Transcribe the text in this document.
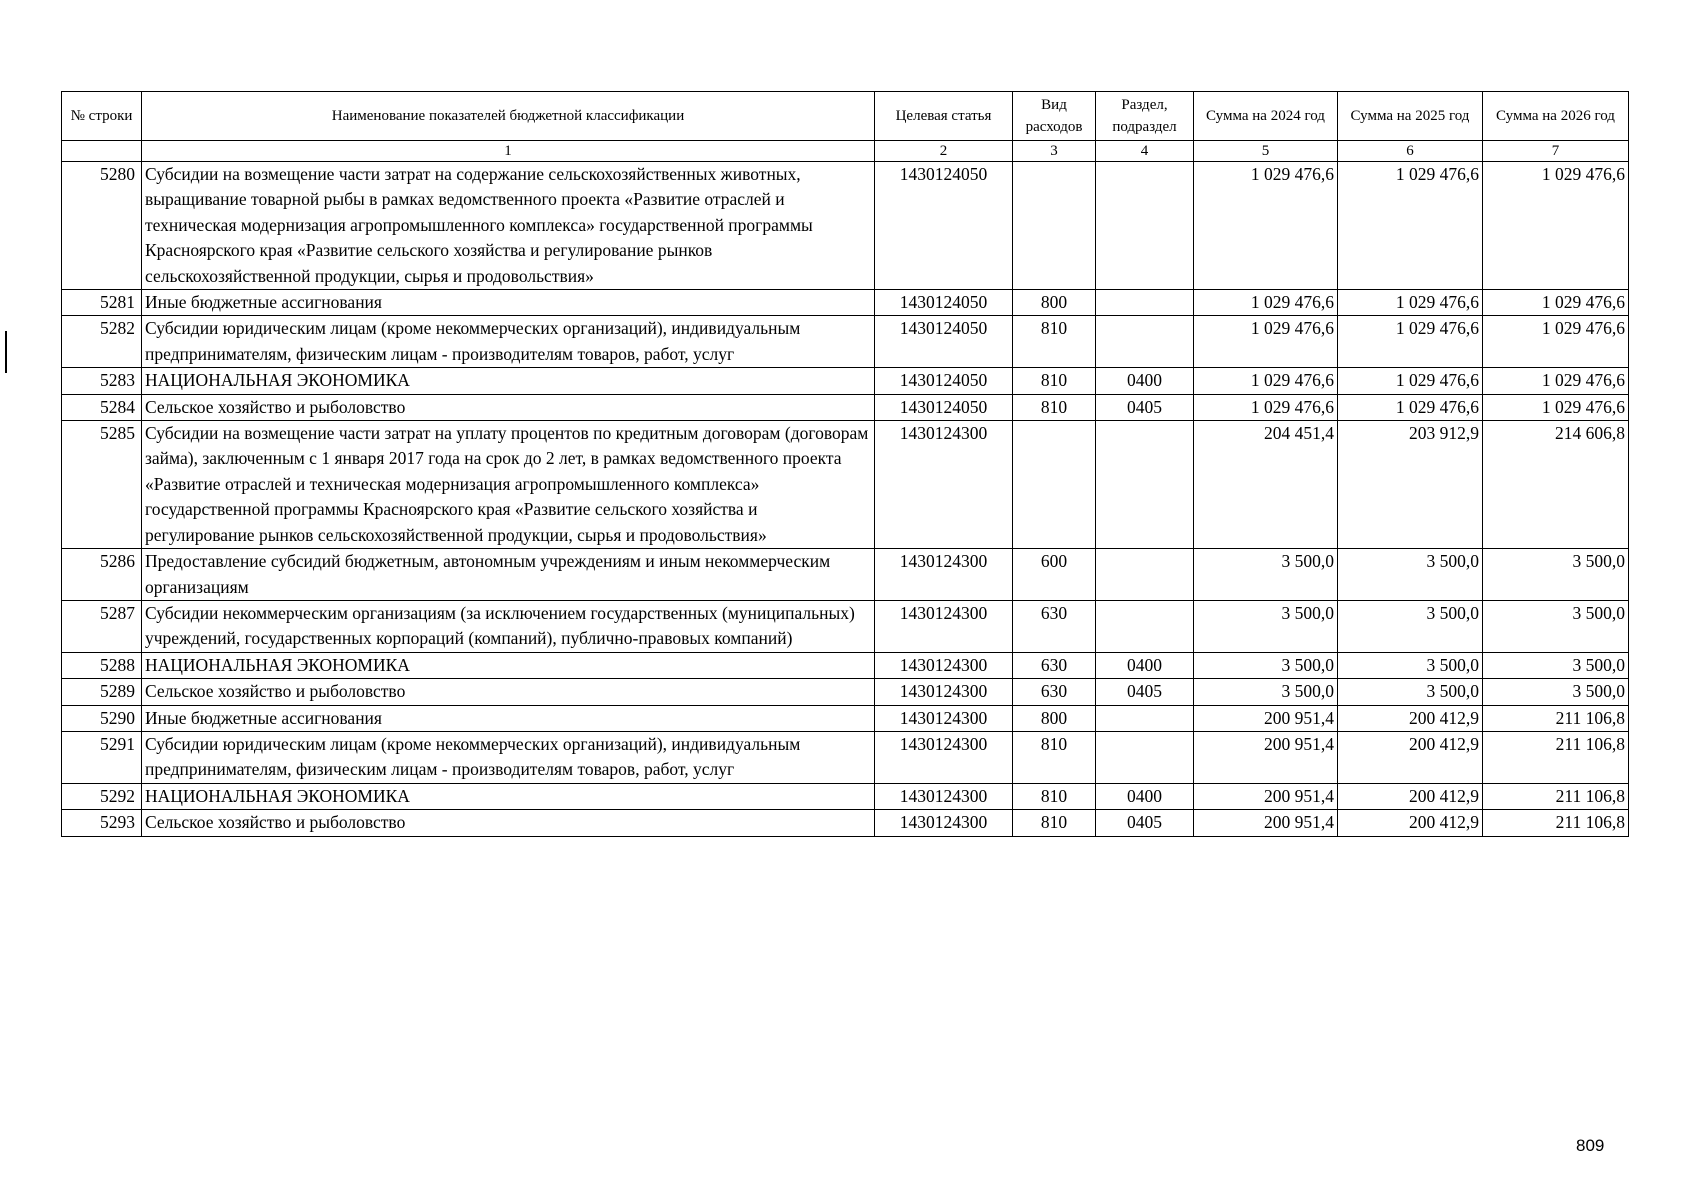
№ строки	Наименование показателей бюджетной классификации	Целевая статья	Вид расходов	Раздел, подраздел	Сумма на 2024 год	Сумма на 2025 год	Сумма на 2026 год
	1	2	3	4	5	6	7
5280	Субсидии на возмещение части затрат на содержание сельскохозяйственных животных, выращивание товарной рыбы в рамках ведомственного проекта «Развитие отраслей и техническая модернизация агропромышленного комплекса» государственной программы Красноярского края «Развитие сельского хозяйства и регулирование рынков сельскохозяйственной продукции, сырья и продовольствия»	1430124050			1 029 476,6	1 029 476,6	1 029 476,6
5281	Иные бюджетные ассигнования	1430124050	800		1 029 476,6	1 029 476,6	1 029 476,6
5282	Субсидии юридическим лицам (кроме некоммерческих организаций), индивидуальным предпринимателям, физическим лицам - производителям товаров, работ, услуг	1430124050	810		1 029 476,6	1 029 476,6	1 029 476,6
5283	НАЦИОНАЛЬНАЯ ЭКОНОМИКА	1430124050	810	0400	1 029 476,6	1 029 476,6	1 029 476,6
5284	Сельское хозяйство и рыболовство	1430124050	810	0405	1 029 476,6	1 029 476,6	1 029 476,6
5285	Субсидии на возмещение части затрат на уплату процентов по кредитным договорам (договорам займа), заключенным с 1 января 2017 года на срок до 2 лет, в рамках ведомственного проекта «Развитие отраслей и техническая модернизация агропромышленного комплекса» государственной программы Красноярского края «Развитие сельского хозяйства и регулирование рынков сельскохозяйственной продукции, сырья и продовольствия»	1430124300			204 451,4	203 912,9	214 606,8
5286	Предоставление субсидий бюджетным, автономным учреждениям и иным некоммерческим организациям	1430124300	600		3 500,0	3 500,0	3 500,0
5287	Субсидии некоммерческим организациям (за исключением государственных (муниципальных) учреждений, государственных корпораций (компаний), публично-правовых компаний)	1430124300	630		3 500,0	3 500,0	3 500,0
5288	НАЦИОНАЛЬНАЯ ЭКОНОМИКА	1430124300	630	0400	3 500,0	3 500,0	3 500,0
5289	Сельское хозяйство и рыболовство	1430124300	630	0405	3 500,0	3 500,0	3 500,0
5290	Иные бюджетные ассигнования	1430124300	800		200 951,4	200 412,9	211 106,8
5291	Субсидии юридическим лицам (кроме некоммерческих организаций), индивидуальным предпринимателям, физическим лицам - производителям товаров, работ, услуг	1430124300	810		200 951,4	200 412,9	211 106,8
5292	НАЦИОНАЛЬНАЯ ЭКОНОМИКА	1430124300	810	0400	200 951,4	200 412,9	211 106,8
5293	Сельское хозяйство и рыболовство	1430124300	810	0405	200 951,4	200 412,9	211 106,8
809
